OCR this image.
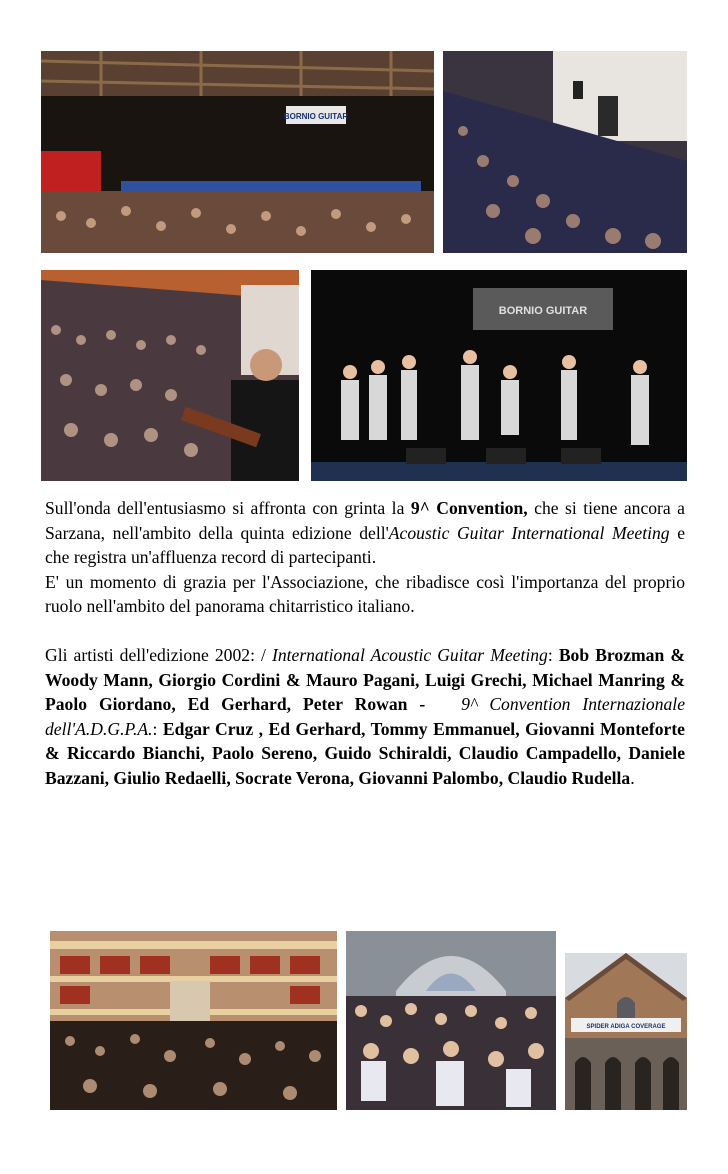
BORNIO GUITAR
BORNIO GUITAR

Sull'onda dell'entusiasmo si affronta con grinta la 9^ Convention, che si tiene ancora a Sarzana, nell'ambito della quinta edizione dell'Acoustic Guitar International Meeting e che registra un'affluenza record di partecipanti.

E' un momento di grazia per l'Associazione, che ribadisce così l'importanza del proprio ruolo nell'ambito del panorama chitarristico italiano.

Gli artisti dell'edizione 2002: / International Acoustic Guitar Meeting: Bob Brozman & Woody Mann, Giorgio Cordini & Mauro Pagani, Luigi Grechi, Michael Manring & Paolo Giordano, Ed Gerhard, Peter Rowan - 9^ Convention Internazionale dell'A.D.G.P.A.: Edgar Cruz , Ed Gerhard, Tommy Emmanuel, Giovanni Monteforte & Riccardo Bianchi, Paolo Sereno, Guido Schiraldi, Claudio Campadello, Daniele Bazzani, Giulio Redaelli, Socrate Verona, Giovanni Palombo, Claudio Rudella.

SPIDER ADIGA COVERAGE
